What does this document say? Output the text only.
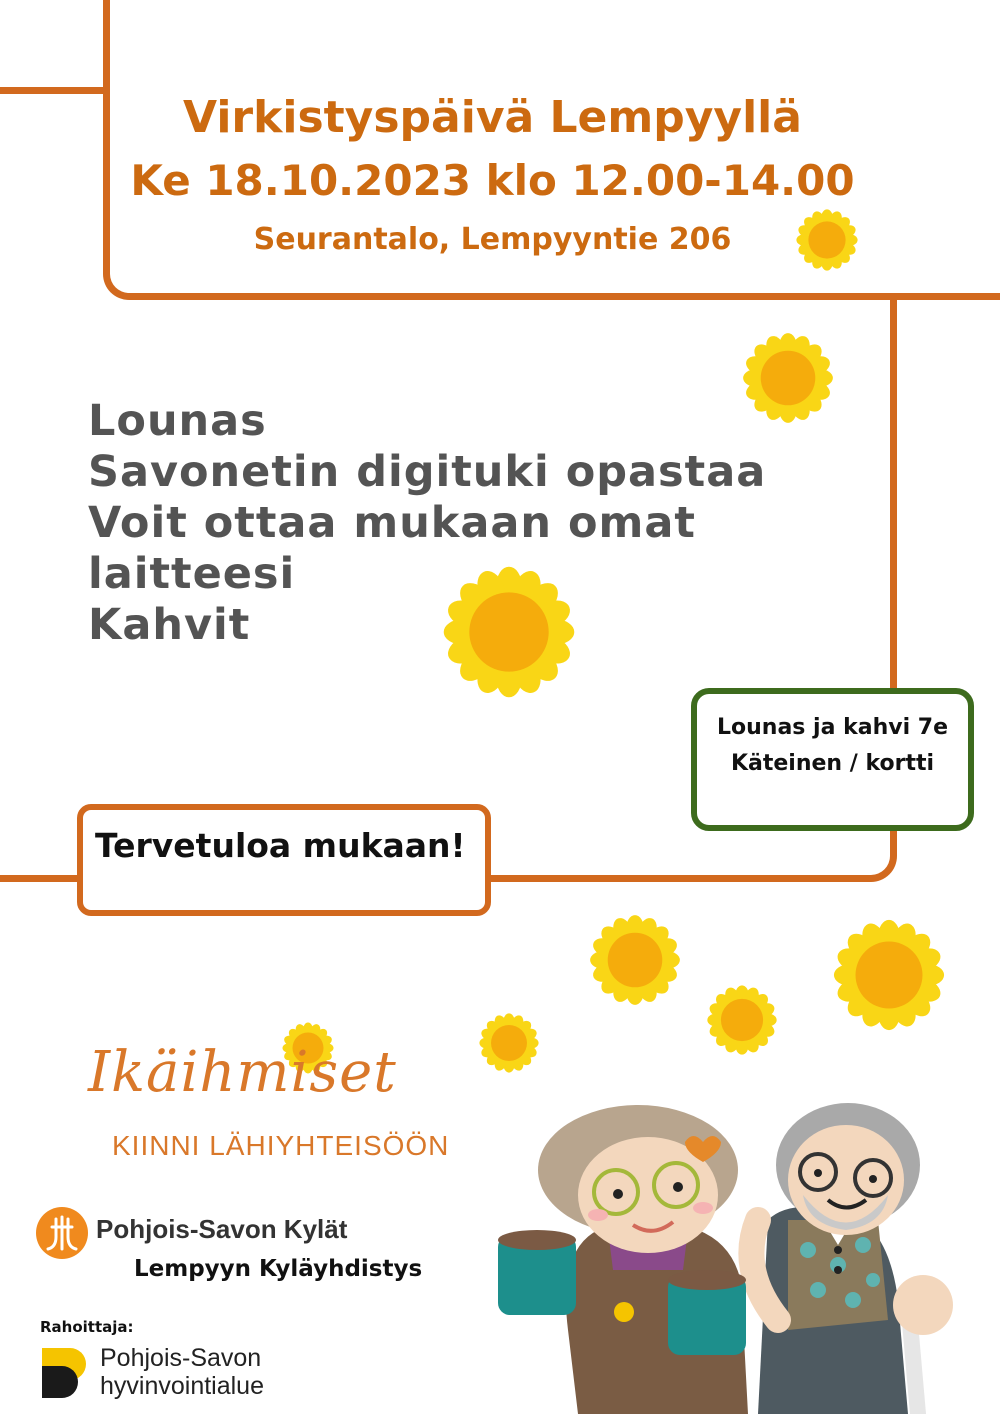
Virkistyspäivä Lempyyllä
Ke 18.10.2023 klo 12.00-14.00
Seurantalo, Lempyyntie 206
Lounas
Savonetin digituki opastaa
Voit ottaa mukaan omat
laitteesi
Kahvit
Lounas ja kahvi 7e
Käteinen / kortti
Tervetuloa mukaan!
Ikäihmiset
KIINNI LÄHIYHTEISÖÖN
Pohjois-Savon Kylät
Lempyyn Kyläyhdistys
Rahoittaja:
Pohjois-Savon
hyvinvointialue
